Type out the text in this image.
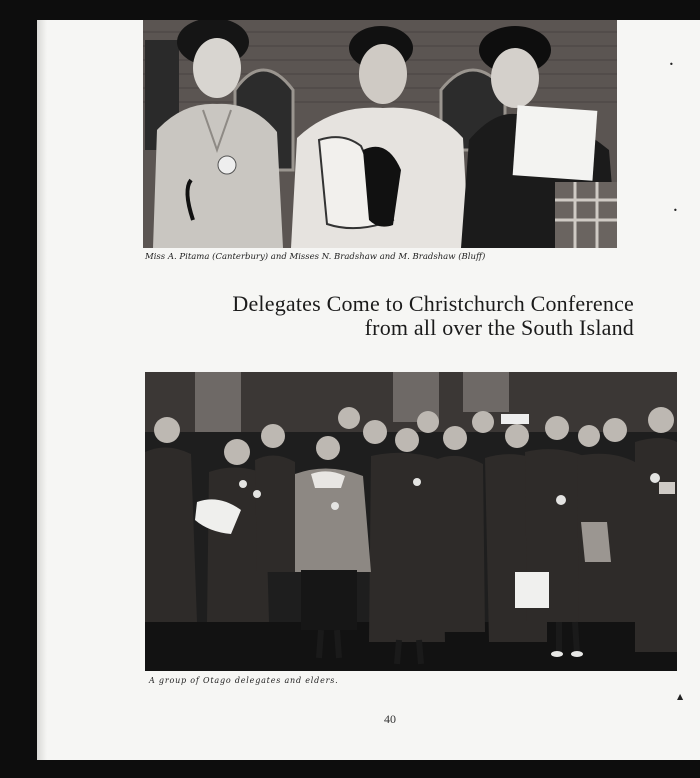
Miss A. Pitama (Canterbury) and Misses N. Bradshaw and M. Bradshaw (Bluff)
Delegates Come to Christchurch Conference
from all over the South Island
A group of Otago delegates and elders.
40
•
•
▲
